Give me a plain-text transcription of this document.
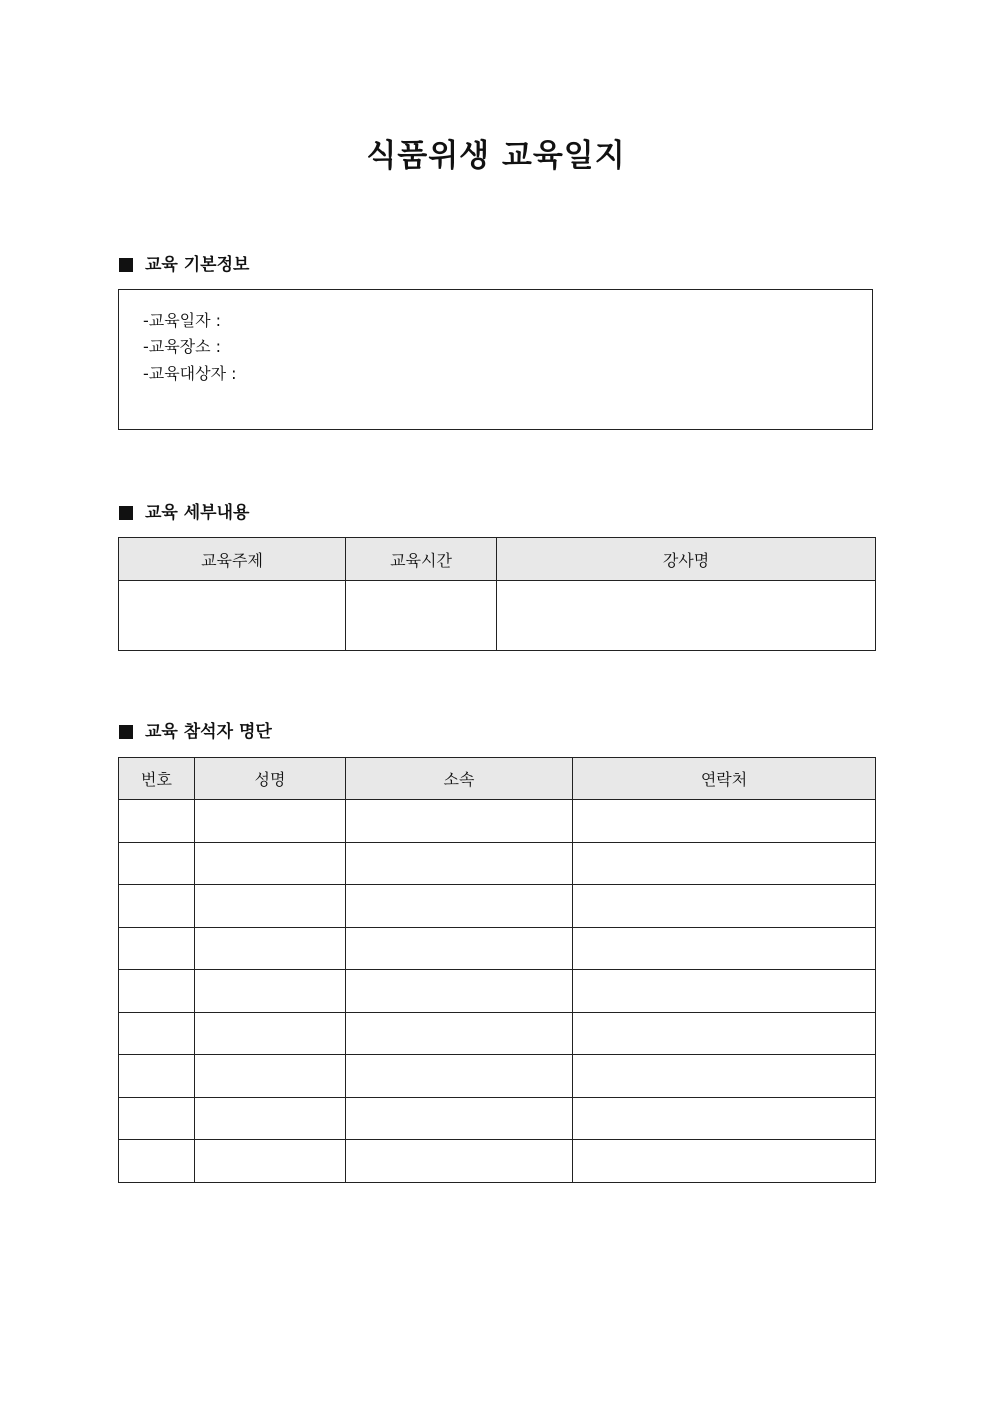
식품위생 교육일지
교육 기본정보
-교육일자 :
-교육장소 :
-교육대상자 :
교육 세부내용
교육주제	교육시간	강사명

교육 참석자 명단
번호	성명	소속	연락처
